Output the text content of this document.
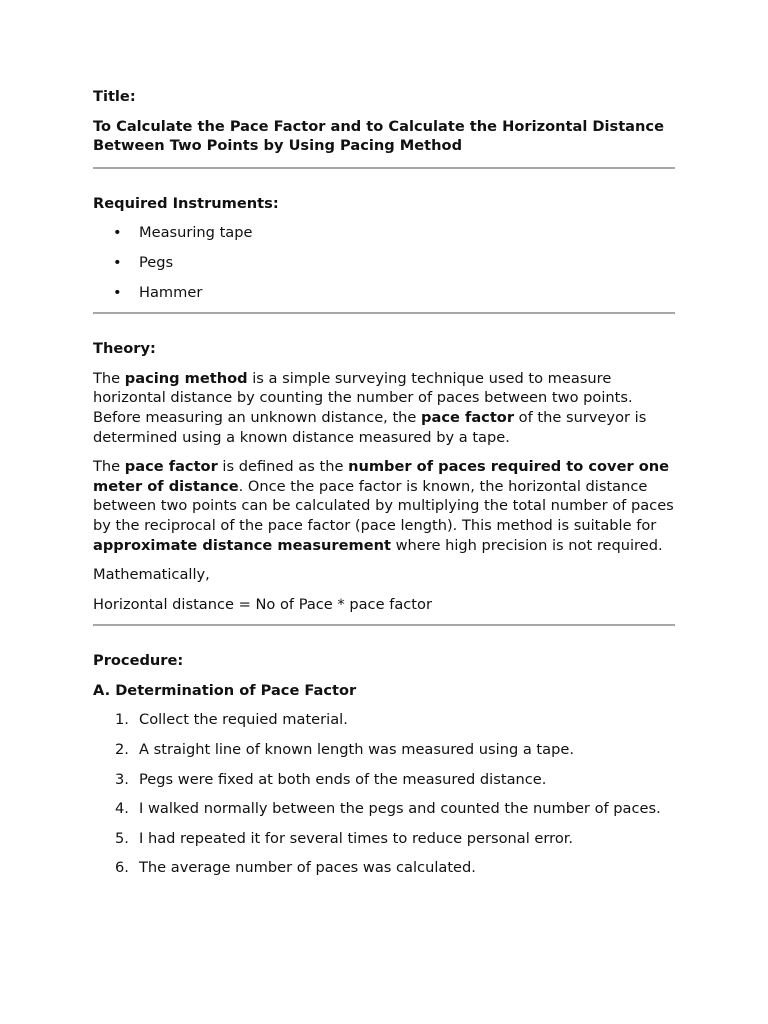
Title:

To Calculate the Pace Factor and to Calculate the Horizontal Distance Between Two Points by Using Pacing Method

Required Instruments:

• Measuring tape
• Pegs
• Hammer

Theory:

The pacing method is a simple surveying technique used to measure horizontal distance by counting the number of paces between two points. Before measuring an unknown distance, the pace factor of the surveyor is determined using a known distance measured by a tape.

The pace factor is defined as the number of paces required to cover one meter of distance. Once the pace factor is known, the horizontal distance between two points can be calculated by multiplying the total number of paces by the reciprocal of the pace factor (pace length). This method is suitable for approximate distance measurement where high precision is not required.

Mathematically,

Horizontal distance = No of Pace * pace factor

Procedure:

A. Determination of Pace Factor

1. Collect the requied material.
2. A straight line of known length was measured using a tape.
3. Pegs were fixed at both ends of the measured distance.
4. I walked normally between the pegs and counted the number of paces.
5. I had repeated it for several times to reduce personal error.
6. The average number of paces was calculated.
